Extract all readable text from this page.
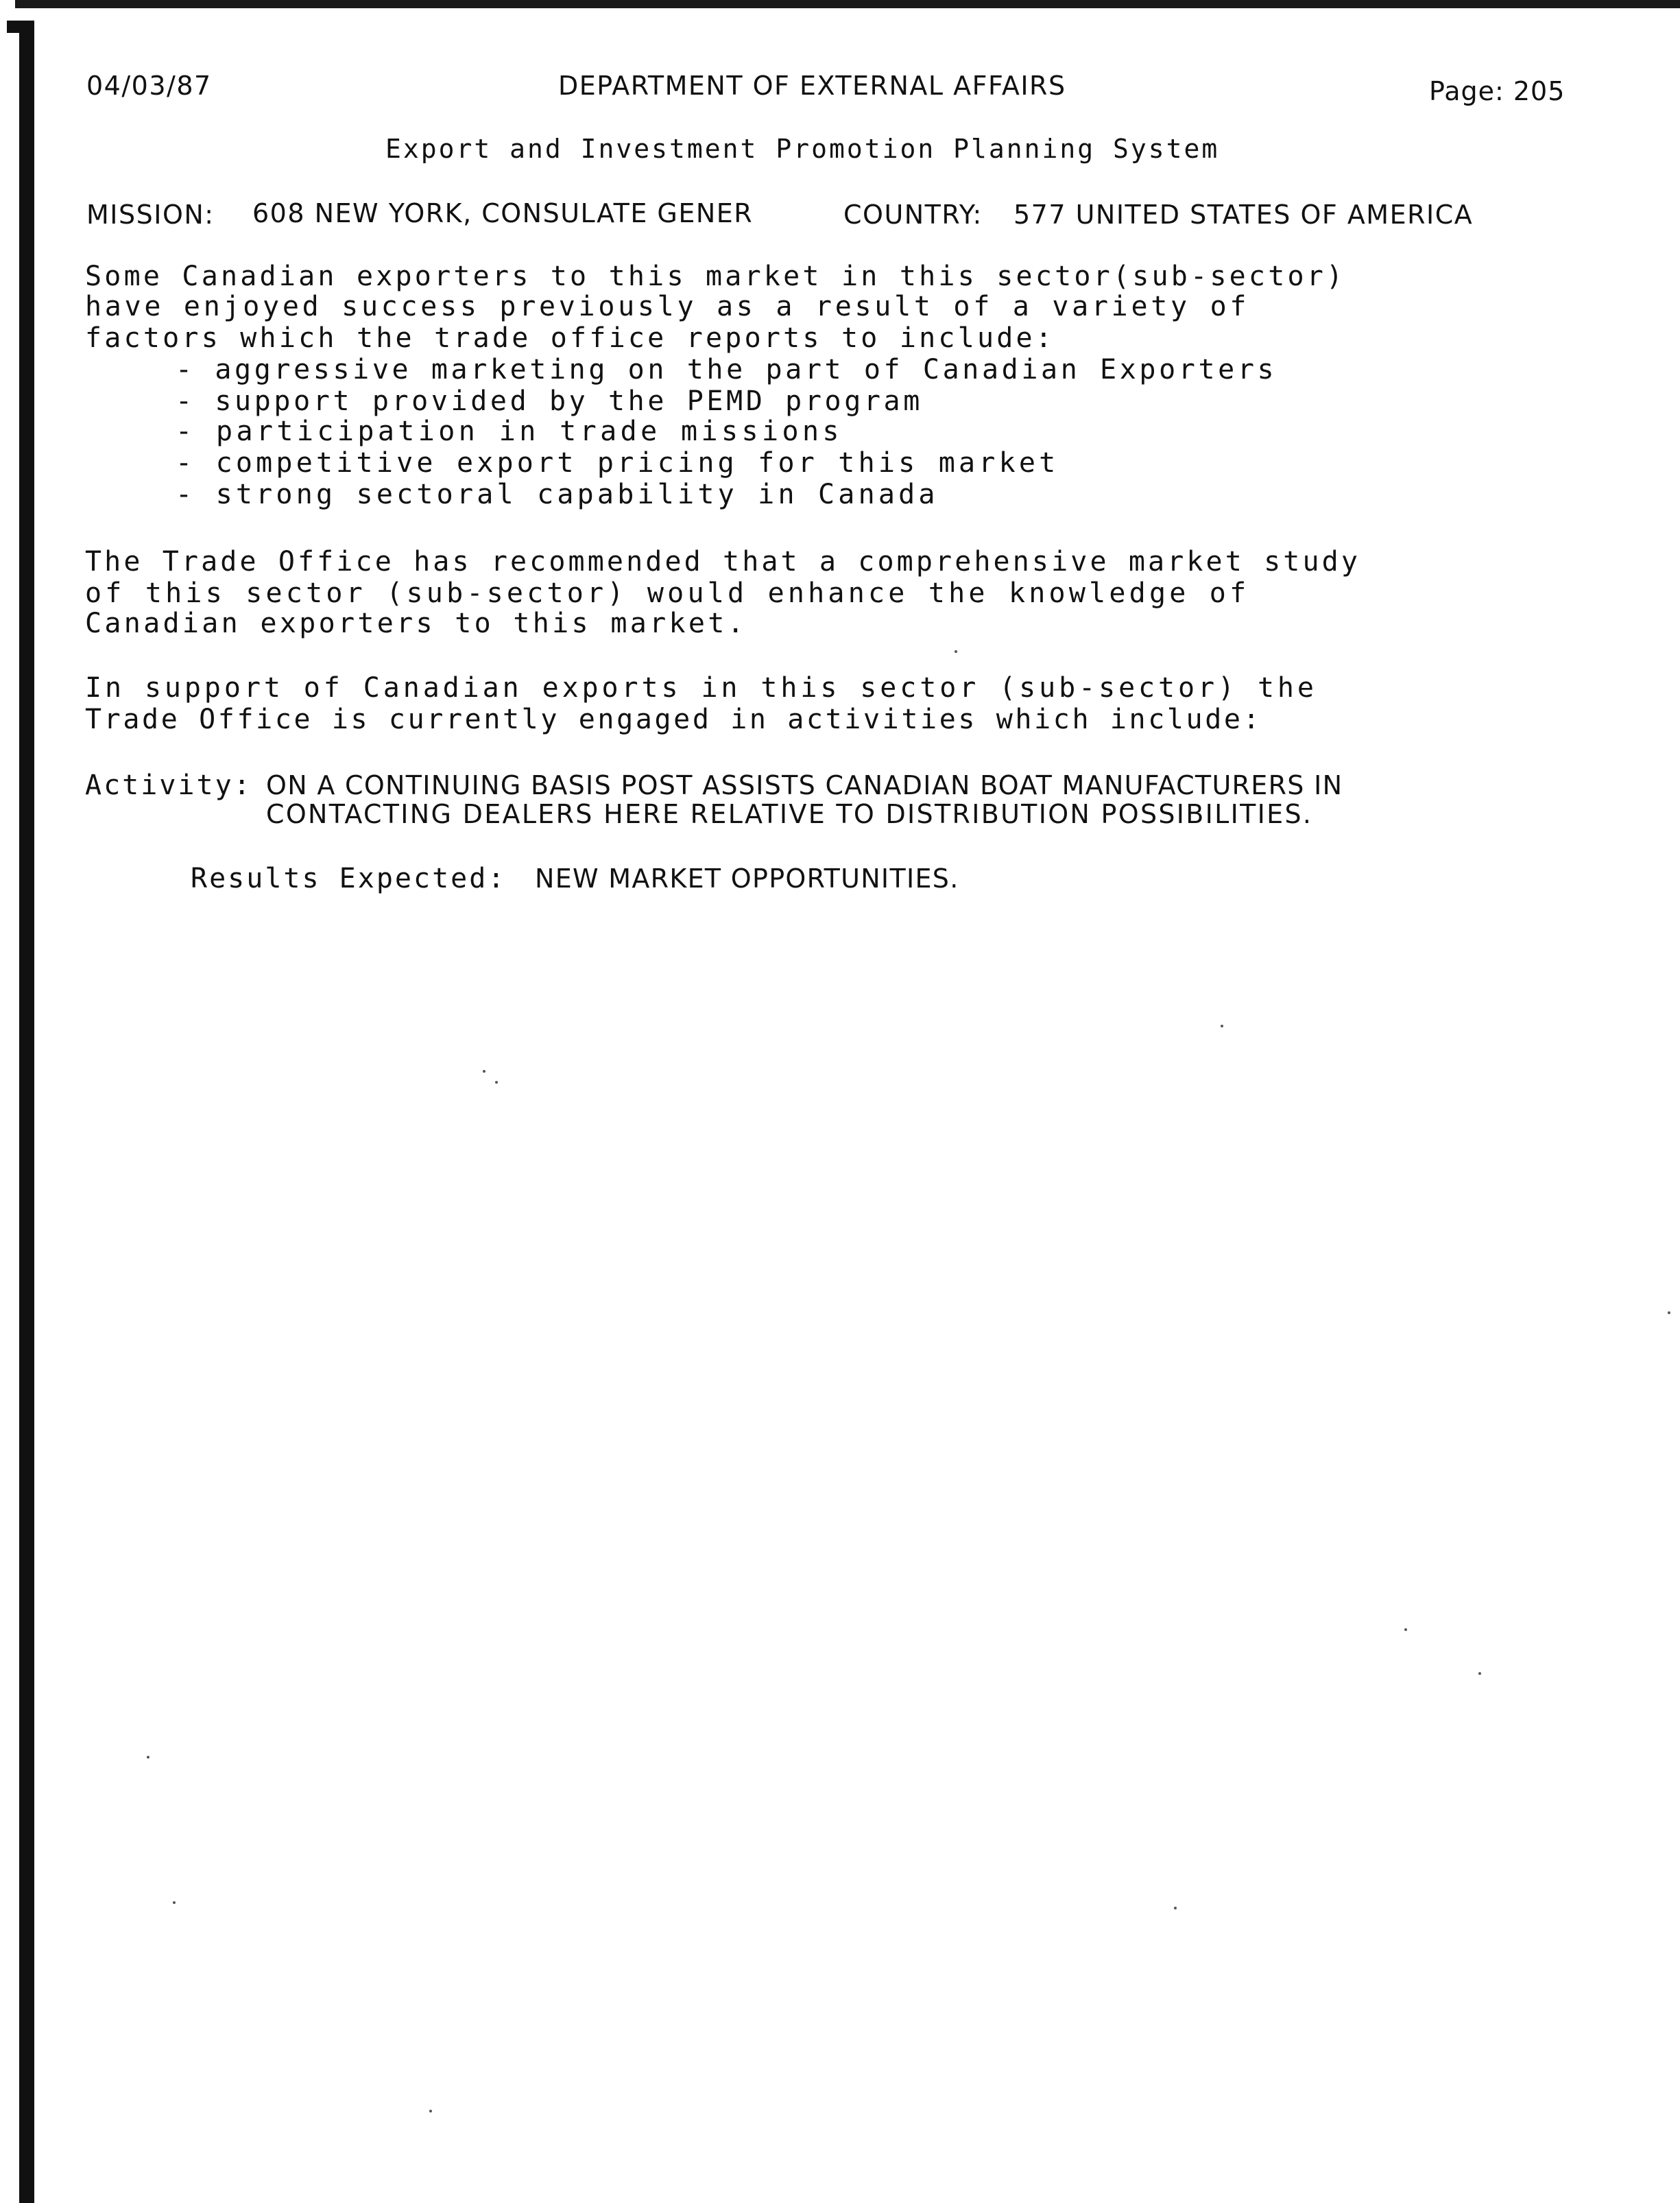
04/03/87	DEPARTMENT OF EXTERNAL AFFAIRS	Page: 205
Export and Investment Promotion Planning System
MISSION: 608 NEW YORK, CONSULATE GENER	COUNTRY: 577 UNITED STATES OF AMERICA
Some Canadian exporters to this market in this sector(sub-sector)
have enjoyed success previously as a result of a variety of
factors which the trade office reports to include:
- aggressive marketing on the part of Canadian Exporters
- support provided by the PEMD program
- participation in trade missions
- competitive export pricing for this market
- strong sectoral capability in Canada
The Trade Office has recommended that a comprehensive market study
of this sector (sub-sector) would enhance the knowledge of
Canadian exporters to this market.
In support of Canadian exports in this sector (sub-sector) the
Trade Office is currently engaged in activities which include:
Activity: ON A CONTINUING BASIS POST ASSISTS CANADIAN BOAT MANUFACTURERS IN
CONTACTING DEALERS HERE RELATIVE TO DISTRIBUTION POSSIBILITIES.
Results Expected: NEW MARKET OPPORTUNITIES.
